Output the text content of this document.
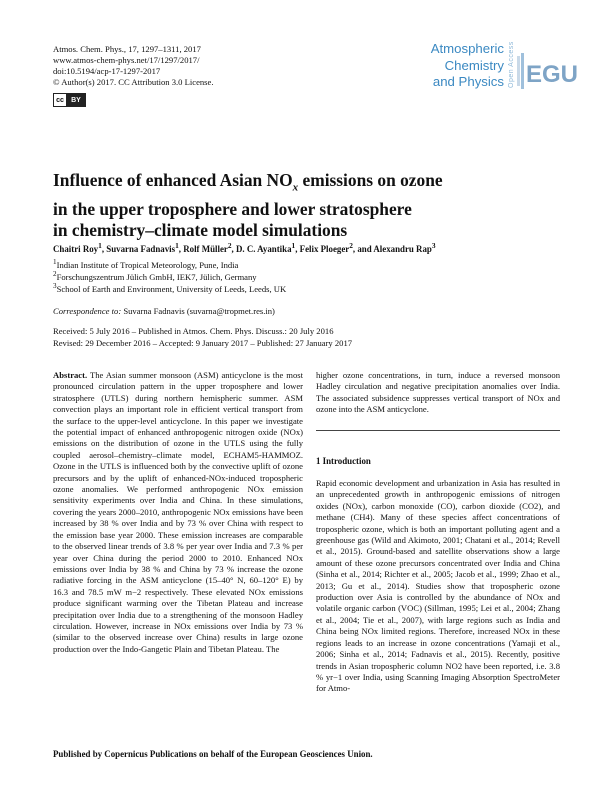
Atmos. Chem. Phys., 17, 1297–1311, 2017
www.atmos-chem-phys.net/17/1297/2017/
doi:10.5194/acp-17-1297-2017
© Author(s) 2017. CC Attribution 3.0 License.
cc	BY
Atmospheric
Chemistry
and Physics Open Access EGU
Influence of enhanced Asian $NO_x$ emissions on ozone
in the upper troposphere and lower stratosphere
in chemistry–climate model simulations
Chaitri Roy$^1$, Suvarna Fadnavis$^1$, Rolf Müller$^2$, D. C. Ayantika$^1$, Felix Ploeger$^2$, and Alexandru Rap$^3$
$^1$Indian Institute of Tropical Meteorology, Pune, India
$^2$Forschungszentrum Jülich GmbH, IEK7, Jülich, Germany
$^3$School of Earth and Environment, University of Leeds, Leeds, UK
Correspondence to: Suvarna Fadnavis (suvarna@tropmet.res.in)
Received: 5 July 2016 – Published in Atmos. Chem. Phys. Discuss.: 20 July 2016
Revised: 29 December 2016 – Accepted: 9 January 2017 – Published: 27 January 2017

Abstract. The Asian summer monsoon (ASM) anticyclone is the most pronounced circulation pattern in the upper troposphere and lower stratosphere (UTLS) during northern hemispheric summer. ASM convection plays an important role in efficient vertical transport from the surface to the upper-level anticyclone. In this paper we investigate the potential impact of enhanced anthropogenic nitrogen oxide (NOx) emissions on the distribution of ozone in the UTLS using the fully coupled aerosol–chemistry–climate model, ECHAM5-HAMMOZ. Ozone in the UTLS is influenced both by the convective uplift of ozone precursors and by the uplift of enhanced-NOx-induced tropospheric ozone anomalies. We performed anthropogenic NOx emission sensitivity experiments over India and China. In these simulations, covering the years 2000–2010, anthropogenic NOx emissions have been increased by 38 % over India and by 73 % over China with respect to the emission base year 2000. These emission increases are comparable to the observed linear trends of 3.8 % per year over India and 7.3 % per year over China during the period 2000 to 2010. Enhanced NOx emissions over India by 38 % and China by 73 % increase the ozone radiative forcing in the ASM anticyclone (15–40° N, 60–120° E) by 16.3 and 78.5 mW m−2 respectively. These elevated NOx emissions produce significant warming over the Tibetan Plateau and increase precipitation over India due to a strengthening of the monsoon Hadley circulation. However, increase in NOx emissions over India by 73 % (similar to the observed increase over China) results in large ozone production over the Indo-Gangetic Plain and Tibetan Plateau. The

higher ozone concentrations, in turn, induce a reversed monsoon Hadley circulation and negative precipitation anomalies over India. The associated subsidence suppresses vertical transport of NOx and ozone into the ASM anticyclone.
1 Introduction
Rapid economic development and urbanization in Asia has resulted in an unprecedented growth in anthropogenic emissions of nitrogen oxides (NOx), carbon monoxide (CO), carbon dioxide (CO2), and methane (CH4). Many of these species affect concentrations of tropospheric ozone, which is both an important polluting agent and a greenhouse gas (Wild and Akimoto, 2001; Chatani et al., 2014; Revell et al., 2015). Ground-based and satellite observations show a large amount of these ozone precursors concentrated over India and China (Sinha et al., 2014; Richter et al., 2005; Jacob et al., 1999; Zhao et al., 2013; Gu et al., 2014). Studies show that tropospheric ozone production over Asia is controlled by the abundance of NOx and volatile organic carbon (VOC) (Sillman, 1995; Lei et al., 2004; Zhang et al., 2004; Tie et al., 2007), with large regions such as India and China being NOx limited regions. Therefore, increased NOx in these regions leads to an increase in ozone concentrations (Yamaji et al., 2006; Sinha et al., 2014; Fadnavis et al., 2015). Recently, positive trends in Asian tropospheric column NO2 have been reported, i.e. 3.8 % yr−1 over India, using Scanning Imaging Absorption SpectroMeter for Atmo-
Published by Copernicus Publications on behalf of the European Geosciences Union.
